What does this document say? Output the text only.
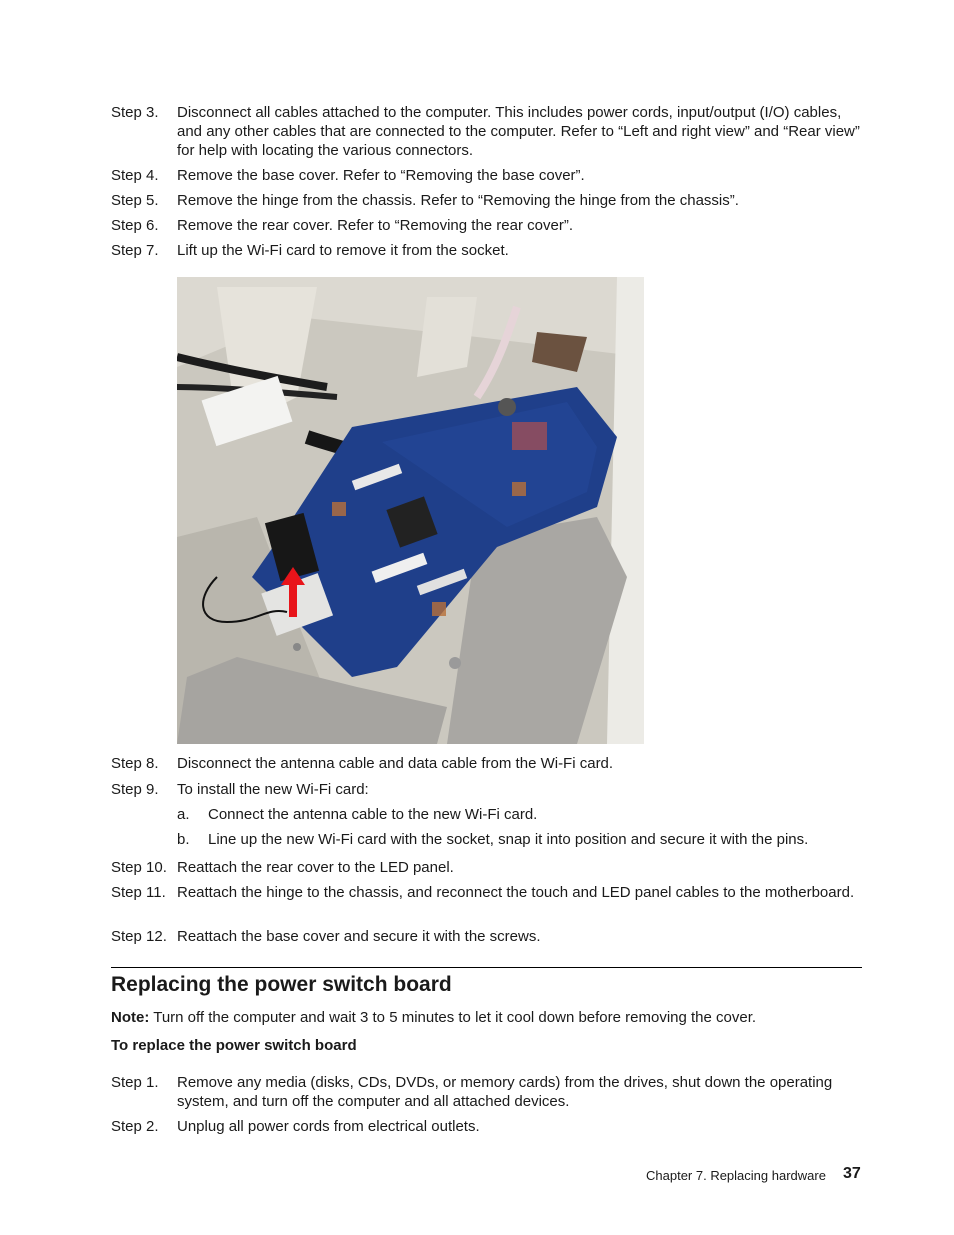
Step 3.	Disconnect all cables attached to the computer. This includes power cords, input/output (I/O) cables, and any other cables that are connected to the computer. Refer to “Left and right view” and “Rear view” for help with locating the various connectors.
Step 4.	Remove the base cover. Refer to “Removing the base cover”.
Step 5.	Remove the hinge from the chassis. Refer to “Removing the hinge from the chassis”.
Step 6.	Remove the rear cover. Refer to “Removing the rear cover”.
Step 7.	Lift up the Wi-Fi card to remove it from the socket.
Step 8.	Disconnect the antenna cable and data cable from the Wi-Fi card.
Step 9.	To install the new Wi-Fi card:
a.	Connect the antenna cable to the new Wi-Fi card.
b.	Line up the new Wi-Fi card with the socket, snap it into position and secure it with the pins.
Step 10. Reattach the rear cover to the LED panel.
Step 11. Reattach the hinge to the chassis, and reconnect the touch and LED panel cables to the motherboard.
Step 12. Reattach the base cover and secure it with the screws.
Replacing the power switch board
Note: Turn off the computer and wait 3 to 5 minutes to let it cool down before removing the cover.
To replace the power switch board
Step 1.	Remove any media (disks, CDs, DVDs, or memory cards) from the drives, shut down the operating system, and turn off the computer and all attached devices.
Step 2.	Unplug all power cords from electrical outlets.
Chapter 7. Replacing hardware 37
